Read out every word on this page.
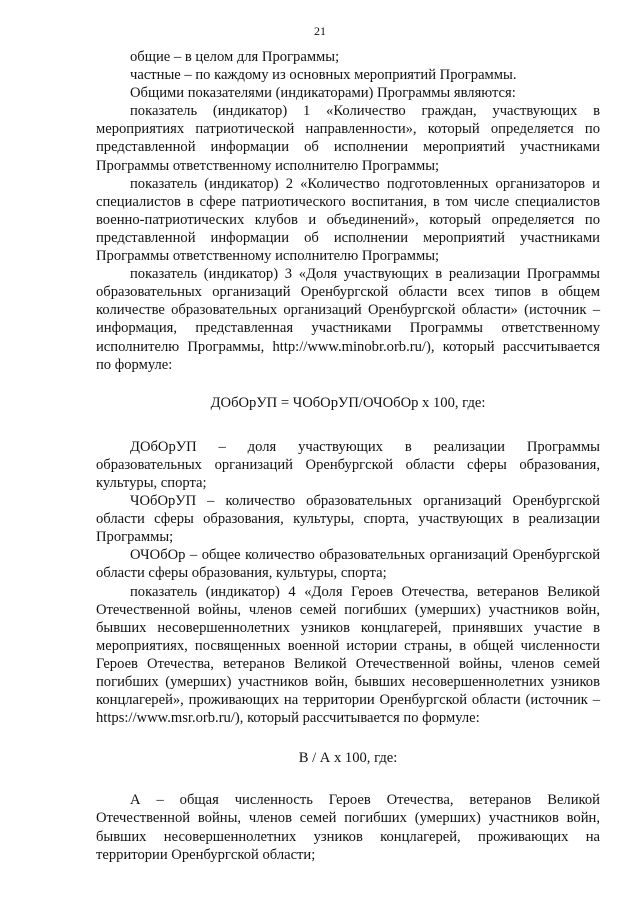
21

общие – в целом для Программы;

частные – по каждому из основных мероприятий Программы.

Общими показателями (индикаторами) Программы являются:

показатель (индикатор) 1 «Количество граждан, участвующих в мероприятиях патриотической направленности», который определяется по представленной информации об исполнении мероприятий участниками Программы ответственному исполнителю Программы;

показатель (индикатор) 2 «Количество подготовленных организаторов и специалистов в сфере патриотического воспитания, в том числе специалистов военно-патриотических клубов и объединений», который определяется по представленной информации об исполнении мероприятий участниками Программы ответственному исполнителю Программы;

показатель (индикатор) 3 «Доля участвующих в реализации Программы образовательных организаций Оренбургской области всех типов в общем количестве образовательных организаций Оренбургской области» (источник – информация, представленная участниками Программы ответственному исполнителю Программы, http://www.minobr.orb.ru/), который рассчитывается по формуле:

ДОбОрУП = ЧОбОрУП/ОЧОбОр x 100, где:

ДОбОрУП – доля участвующих в реализации Программы образовательных организаций Оренбургской области сферы образования, культуры, спорта;

ЧОбОрУП – количество образовательных организаций Оренбургской области сферы образования, культуры, спорта, участвующих в реализации Программы;

ОЧОбОр – общее количество образовательных организаций Оренбургской области сферы образования, культуры, спорта;

показатель (индикатор) 4 «Доля Героев Отечества, ветеранов Великой Отечественной войны, членов семей погибших (умерших) участников войн, бывших несовершеннолетних узников концлагерей, принявших участие в мероприятиях, посвященных военной истории страны, в общей численности Героев Отечества, ветеранов Великой Отечественной войны, членов семей погибших (умерших) участников войн, бывших несовершеннолетних узников концлагерей», проживающих на территории Оренбургской области (источник – https://www.msr.orb.ru/), который рассчитывается по формуле:

В / А x 100, где:

А – общая численность Героев Отечества, ветеранов Великой Отечественной войны, членов семей погибших (умерших) участников войн, бывших несовершеннолетних узников концлагерей, проживающих на территории Оренбургской области;
